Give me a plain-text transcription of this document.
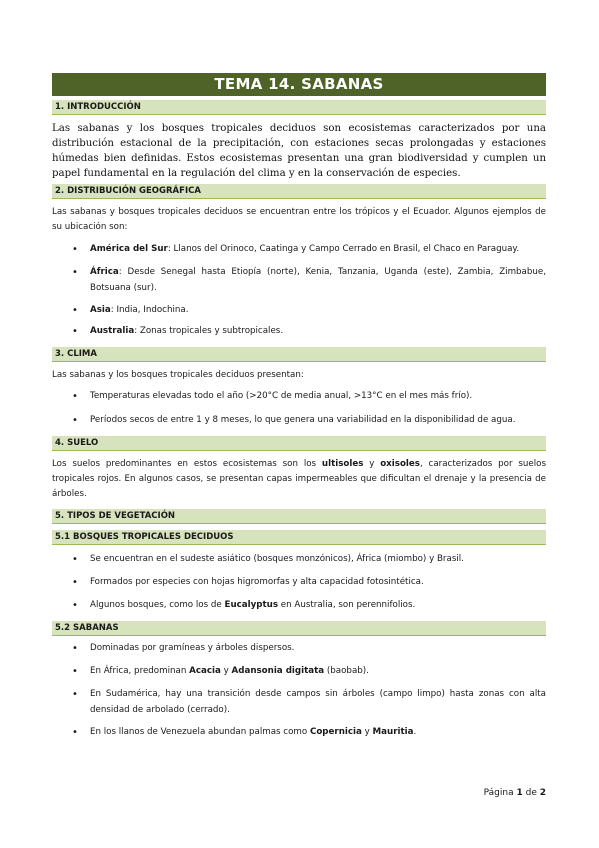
TEMA 14. SABANAS
1. INTRODUCCIÓN

Las sabanas y los bosques tropicales deciduos son ecosistemas caracterizados por una distribución estacional de la precipitación, con estaciones secas prolongadas y estaciones húmedas bien definidas. Estos ecosistemas presentan una gran biodiversidad y cumplen un papel fundamental en la regulación del clima y en la conservación de especies.

2. DISTRIBUCIÓN GEOGRÁFICA

Las sabanas y bosques tropicales deciduos se encuentran entre los trópicos y el Ecuador. Algunos ejemplos de su ubicación son:

• América del Sur: Llanos del Orinoco, Caatinga y Campo Cerrado en Brasil, el Chaco en Paraguay.
• África: Desde Senegal hasta Etiopía (norte), Kenia, Tanzania, Uganda (este), Zambia, Zimbabue, Botsuana (sur).
• Asia: India, Indochina.
• Australia: Zonas tropicales y subtropicales.
3. CLIMA

Las sabanas y los bosques tropicales deciduos presentan:

• Temperaturas elevadas todo el año (>20°C de media anual, >13°C en el mes más frío).
• Períodos secos de entre 1 y 8 meses, lo que genera una variabilidad en la disponibilidad de agua.
4. SUELO

Los suelos predominantes en estos ecosistemas son los ultisoles y oxisoles, caracterizados por suelos tropicales rojos. En algunos casos, se presentan capas impermeables que dificultan el drenaje y la presencia de árboles.

5. TIPOS DE VEGETACIÓN
5.1 BOSQUES TROPICALES DECIDUOS
• Se encuentran en el sudeste asiático (bosques monzónicos), África (miombo) y Brasil.
• Formados por especies con hojas higromorfas y alta capacidad fotosintética.
• Algunos bosques, como los de Eucalyptus en Australia, son perennifolios.
5.2 SABANAS
• Dominadas por gramíneas y árboles dispersos.
• En África, predominan Acacia y Adansonia digitata (baobab).
• En Sudamérica, hay una transición desde campos sin árboles (campo limpo) hasta zonas con alta densidad de arbolado (cerrado).
• En los llanos de Venezuela abundan palmas como Copernicia y Mauritia.
Página 1 de 2
